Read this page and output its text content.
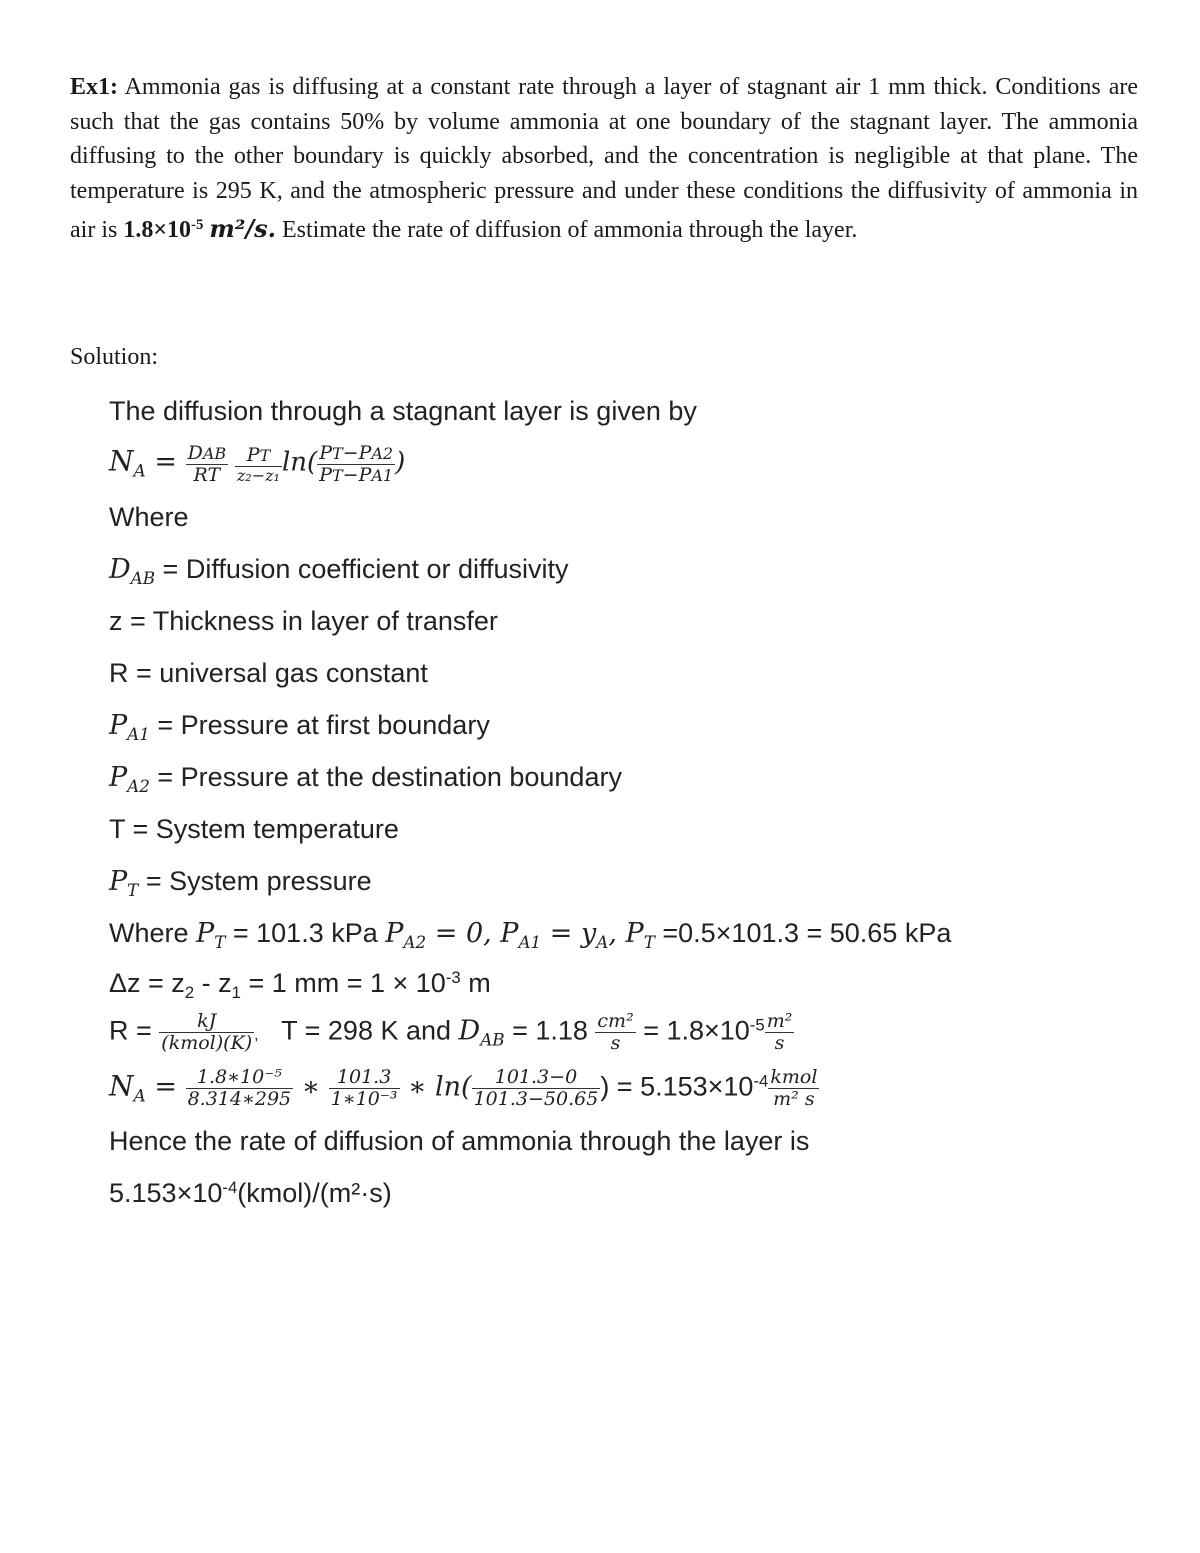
Ex1: Ammonia gas is diffusing at a constant rate through a layer of stagnant air 1 mm thick. Conditions are such that the gas contains 50% by volume ammonia at one boundary of the stagnant layer. The ammonia diffusing to the other boundary is quickly absorbed, and the concentration is negligible at that plane. The temperature is 295 K, and the atmospheric pressure and under these conditions the diffusivity of ammonia in air is $1.8\times 10^{-5}$ m²/s. Estimate the rate of diffusion of ammonia through the layer.

Solution:

The diffusion through a stagnant layer is given by

$N_A = \frac{\text{DAB}}{RT}$
$\frac{PT}{\text{z₂−z₁}} \ln( \frac{PT-PA2}{PT-PA1}$ )

Where

$D_{AB}$ = Diffusion coefficient or diffusivity

z = Thickness in layer of transfer

R = universal gas constant

$P_{A1}$ = Pressure at first boundary

$P_{A2}$ = Pressure at the destination boundary

T = System temperature

$P_T$ = System pressure

Where $P_T = 101.3$ kPa $P_{A2} = 0$, $P_{A1} = y_A$, $P_T =0.5\times 101.3 = 50.65$ kPa

$\Delta z = z_2 - z_1 = 1$ mm = $1 \times 10^{-3}$ m

$R = \frac{kJ}{\text{(kmol)(K)}}$ , T = 298 K and $D_{AB} = 1.18 \frac{\text{cm²}}{s} = 1.8\times 10^{-5} \frac{\text{m²}}{s}$

$N_A = \frac{\text{1.8∗10⁻⁵}}{8.314∗295}$ ∗ $\frac{101.3}{\text{1∗10⁻³}}$ ∗ $\ln( \frac{101.3-0}{101.3-50.65}$ ) = $5.153\times 10^{-4} \frac{\text{kmol}}{\text{m² s}}$

Hence the rate of diffusion of ammonia through the layer is

$5.153\times 10^{-4}(kmol)/(m^2\cdot s)$
